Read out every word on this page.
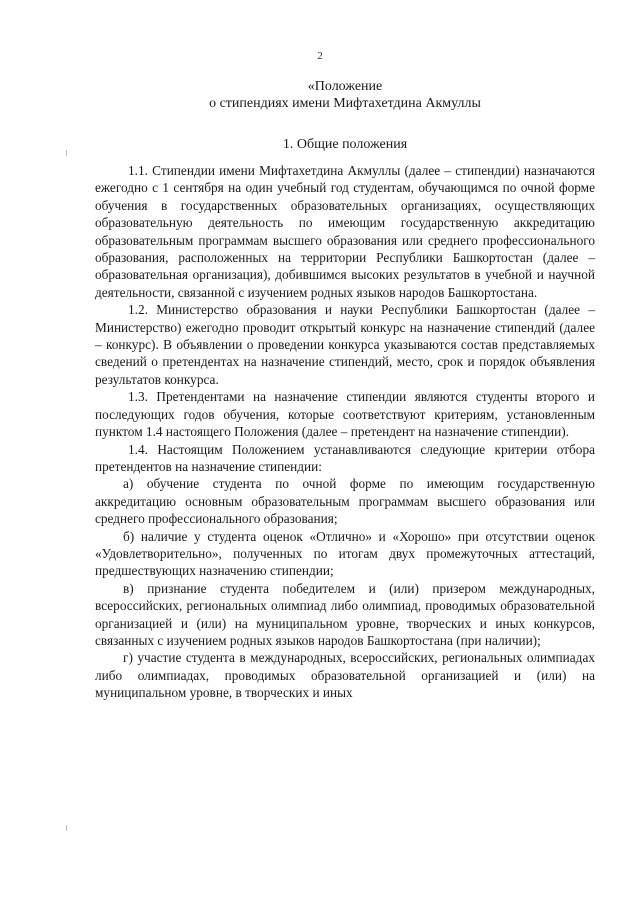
2
«Положение
о стипендиях имени Мифтахетдина Акмуллы
1. Общие положения

1.1. Стипендии имени Мифтахетдина Акмуллы (далее – стипендии) назначаются ежегодно с 1 сентября на один учебный год студентам, обучающимся по очной форме обучения в государственных образовательных организациях, осуществляющих образовательную деятельность по имеющим государственную аккредитацию образовательным программам высшего образования или среднего профессионального образования, расположенных на территории Республики Башкортостан (далее – образовательная организация), добившимся высоких результатов в учебной и научной деятельности, связанной с изучением родных языков народов Башкортостана.

1.2. Министерство образования и науки Республики Башкортостан (далее – Министерство) ежегодно проводит открытый конкурс на назначение стипендий (далее – конкурс). В объявлении о проведении конкурса указываются состав представляемых сведений о претендентах на назначение стипендий, место, срок и порядок объявления результатов конкурса.

1.3. Претендентами на назначение стипендии являются студенты второго и последующих годов обучения, которые соответствуют критериям, установленным пунктом 1.4 настоящего Положения (далее – претендент на назначение стипендии).

1.4. Настоящим Положением устанавливаются следующие критерии отбора претендентов на назначение стипендии:

а) обучение студента по очной форме по имеющим государственную аккредитацию основным образовательным программам высшего образования или среднего профессионального образования;

б) наличие у студента оценок «Отлично» и «Хорошо» при отсутствии оценок «Удовлетворительно», полученных по итогам двух промежуточных аттестаций, предшествующих назначению стипендии;

в) признание студента победителем и (или) призером международных, всероссийских, региональных олимпиад либо олимпиад, проводимых образовательной организацией и (или) на муниципальном уровне, творческих и иных конкурсов, связанных с изучением родных языков народов Башкортостана (при наличии);

г) участие студента в международных, всероссийских, региональных олимпиадах либо олимпиадах, проводимых образовательной организацией и (или) на муниципальном уровне, в творческих и иных
